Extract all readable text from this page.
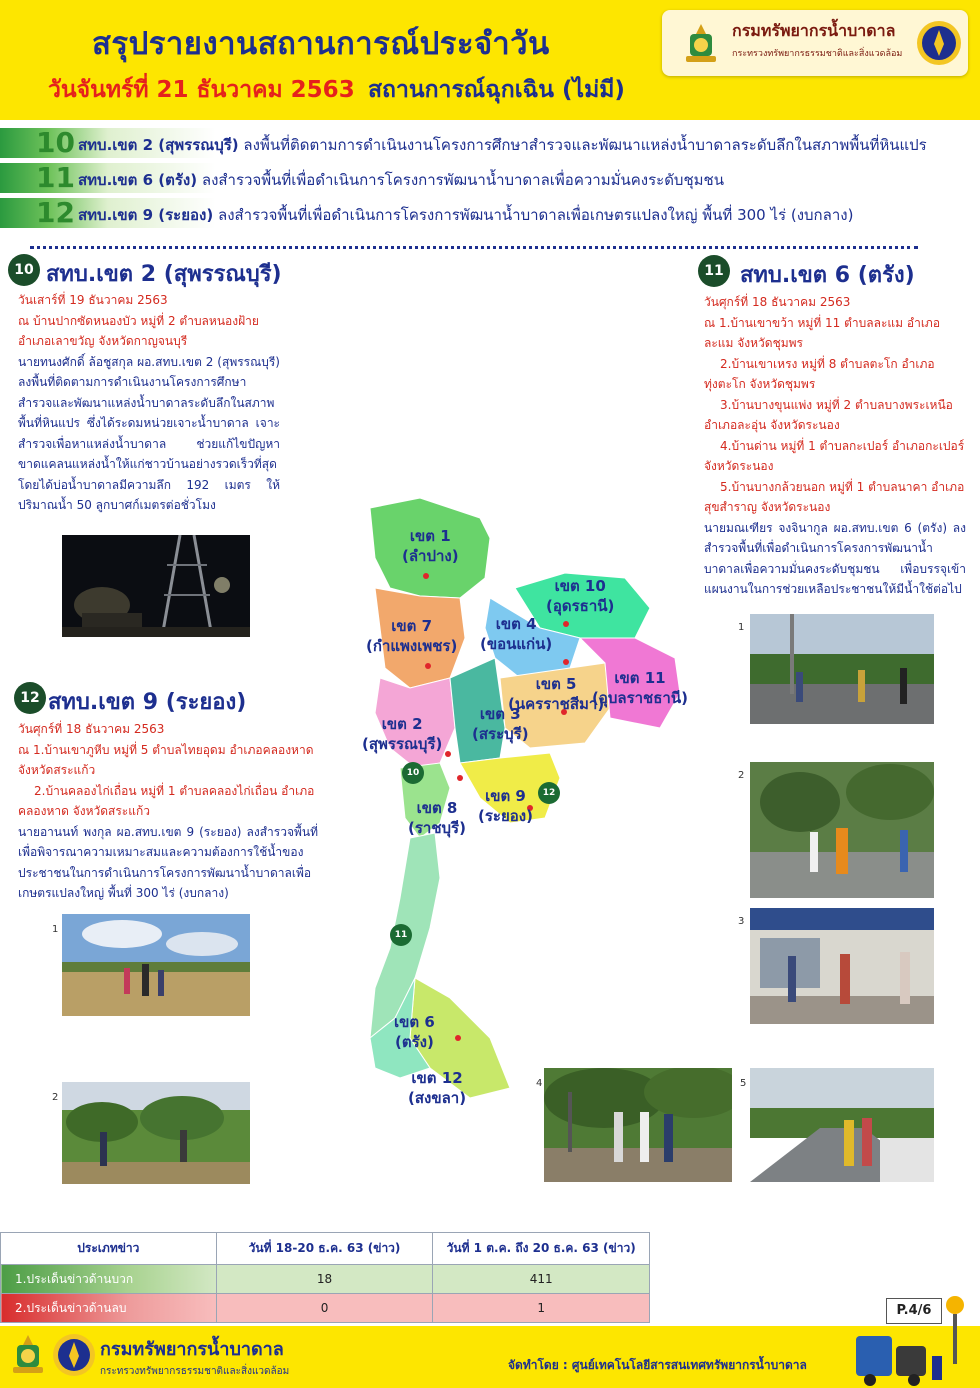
สรุปรายงานสถานการณ์ประจำวัน
วันจันทร์ที่ 21 ธันวาคม 2563 สถานการณ์ฉุกเฉิน (ไม่มี)
กรมทรัพยากรน้ำบาดาล
กระทรวงทรัพยากรธรรมชาติและสิ่งแวดล้อม
10 สทบ.เขต 2 (สุพรรณบุรี) ลงพื้นที่ติดตามการดำเนินงานโครงการศึกษาสำรวจและพัฒนาแหล่งน้ำบาดาลระดับลึกในสภาพพื้นที่หินแปร
11 สทบ.เขต 6 (ตรัง) ลงสำรวจพื้นที่เพื่อดำเนินการโครงการพัฒนาน้ำบาดาลเพื่อความมั่นคงระดับชุมชน
12 สทบ.เขต 9 (ระยอง) ลงสำรวจพื้นที่เพื่อดำเนินการโครงการพัฒนาน้ำบาดาลเพื่อเกษตรแปลงใหญ่ พื้นที่ 300 ไร่ (งบกลาง)
10 สทบ.เขต 2 (สุพรรณบุรี)

วันเสาร์ที่ 19 ธันวาคม 2563

ณ บ้านปากซัดหนองบัว หมู่ที่ 2 ตำบลหนองฝ้าย

อำเภอเลาขวัญ จังหวัดกาญจนบุรี

นายทนงศักดิ์ ล้อชูสกุล ผอ.สทบ.เขต 2 (สุพรรณบุรี) ลงพื้นที่ติดตามการดำเนินงานโครงการศึกษาสำรวจและพัฒนาแหล่งน้ำบาดาลระดับลึกในสภาพพื้นที่หินแปร ซึ่งได้ระดมหน่วยเจาะน้ำบาดาล เจาะสำรวจเพื่อหาแหล่งน้ำบาดาล ช่วยแก้ไขปัญหาขาดแคลนแหล่งน้ำให้แก่ชาวบ้านอย่างรวดเร็วที่สุด โดยได้บ่อน้ำบาดาลมีความลึก 192 เมตร ให้ปริมาณน้ำ 50 ลูกบาศก์เมตรต่อชั่วโมง

12 สทบ.เขต 9 (ระยอง)

วันศุกร์ที่ 18 ธันวาคม 2563

ณ 1.บ้านเขาภูหีบ หมู่ที่ 5 ตำบลไทยอุดม อำเภอคลองหาด จังหวัดสระแก้ว

2.บ้านคลองไก่เถื่อน หมู่ที่ 1 ตำบลคลองไก่เถื่อน อำเภอคลองหาด จังหวัดสระแก้ว

นายอานนท์ พงกุล ผอ.สทบ.เขต 9 (ระยอง) ลงสำรวจพื้นที่เพื่อพิจารณาความเหมาะสมและความต้องการใช้น้ำของประชาชนในการดำเนินการโครงการพัฒนาน้ำบาดาลเพื่อเกษตรแปลงใหญ่ พื้นที่ 300 ไร่ (งบกลาง)

1
2
11 สทบ.เขต 6 (ตรัง)

วันศุกร์ที่ 18 ธันวาคม 2563

ณ 1.บ้านเขาขว้า หมู่ที่ 11 ตำบลละแม อำเภอละแม จังหวัดชุมพร

2.บ้านเขาเหรง หมู่ที่ 8 ตำบลตะโก อำเภอทุ่งตะโก จังหวัดชุมพร

3.บ้านบางขุนแพ่ง หมู่ที่ 2 ตำบลบางพระเหนือ อำเภอละอุ่น จังหวัดระนอง

4.บ้านด่าน หมู่ที่ 1 ตำบลกะเปอร์ อำเภอกะเปอร์ จังหวัดระนอง

5.บ้านบางกล้วยนอก หมู่ที่ 1 ตำบลนาคา อำเภอสุขสำราญ จังหวัดระนอง

นายมณเฑียร จงจินากูล ผอ.สทบ.เขต 6 (ตรัง) ลงสำรวจพื้นที่เพื่อดำเนินการโครงการพัฒนาน้ำบาดาลเพื่อความมั่นคงระดับชุมชน เพื่อบรรจุเข้าแผนงานในการช่วยเหลือประชาชนให้มีน้ำใช้ต่อไป

1
2
3
4	5
เขต 1
(ลำปาง)
เขต 10
(อุดรธานี)
เขต 7
(กำแพงเพชร)
เขต 4
(ขอนแก่น)
เขต 5
(นครราชสีมา)
เขต 11
(อุบลราชธานี)
เขต 2
(สุพรรณบุรี)
เขต 3
(สระบุรี)
เขต 8
(ราชบุรี)
เขต 9
(ระยอง)
เขต 6
(ตรัง)
เขต 12
(สงขลา)
10
12
11
ประเภทข่าว	วันที่ 18-20 ธ.ค. 63 (ข่าว)	วันที่ 1 ต.ค. ถึง 20 ธ.ค. 63 (ข่าว)
1.ประเด็นข่าวด้านบวก	18	411
2.ประเด็นข่าวด้านลบ	0	1	P.4/6
กรมทรัพยากรน้ำบาดาล
กระทรวงทรัพยากรธรรมชาติและสิ่งแวดล้อม	จัดทำโดย : ศูนย์เทคโนโลยีสารสนเทศทรัพยากรน้ำบาดาล
